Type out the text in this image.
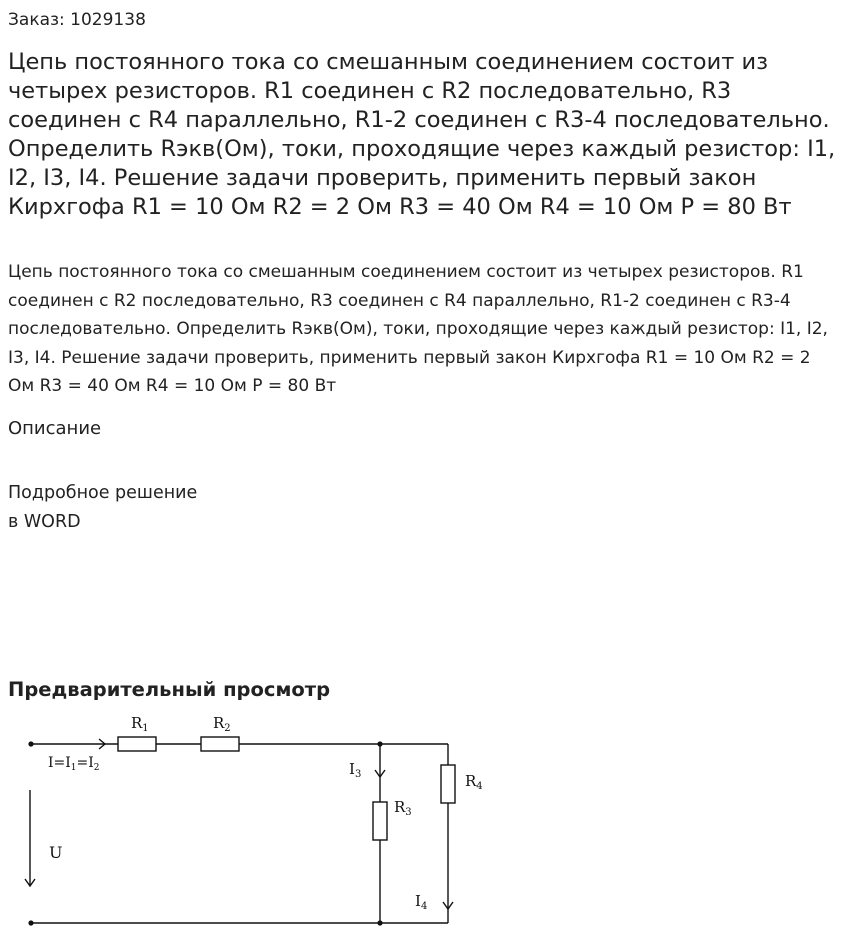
Заказ: 1029138

Цепь постоянного тока со смешанным соединением состоит из четырех резисторов. R1 соединен с R2 последовательно, R3 соединен с R4 параллельно, R1-2 соединен с R3-4 последовательно. Определить Rэкв(Ом), токи, проходящие через каждый резистор: I1, I2, I3, I4. Решение задачи проверить, применить первый закон Кирхгофа R1 = 10 Ом R2 = 2 Ом R3 = 40 Ом R4 = 10 Ом P = 80 Вт

Цепь постоянного тока со смешанным соединением состоит из четырех резисторов. R1 соединен с R2 последовательно, R3 соединен с R4 параллельно, R1-2 соединен с R3-4 последовательно. Определить Rэкв(Ом), токи, проходящие через каждый резистор: I1, I2, I3, I4. Решение задачи проверить, применить первый закон Кирхгофа R1 = 10 Ом R2 = 2 Ом R3 = 40 Ом R4 = 10 Ом P = 80 Вт

Описание

Подробное решение
в WORD

Предварительный просмотр
$R_1$	$R_2$
$I=I_1=I_2$	$I_3$
$R_3$
$R_4$
$I_4$
U
